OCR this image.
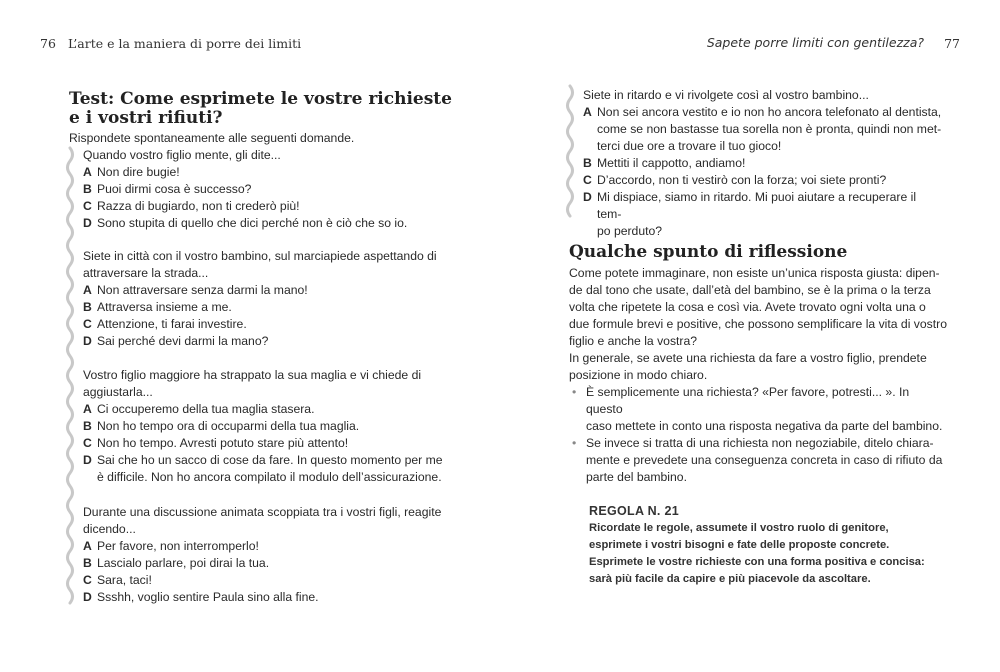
76 L’arte e la maniera di porre dei limiti	Sapete porre limiti con gentilezza? 77
Test: Come esprimete le vostre richieste
e i vostri rifiuti?
Rispondete spontaneamente alle seguenti domande.
Quando vostro figlio mente, gli dite...
A Non dire bugie!
B Puoi dirmi cosa è successo?
C Razza di bugiardo, non ti crederò più!
D Sono stupita di quello che dici perché non è ciò che so io.
Siete in città con il vostro bambino, sul marciapiede aspettando di
attraversare la strada...
A Non attraversare senza darmi la mano!
B Attraversa insieme a me.
C Attenzione, ti farai investire.
D Sai perché devi darmi la mano?
Vostro figlio maggiore ha strappato la sua maglia e vi chiede di
aggiustarla...
A Ci occuperemo della tua maglia stasera.
B Non ho tempo ora di occuparmi della tua maglia.
C Non ho tempo. Avresti potuto stare più attento!
D Sai che ho un sacco di cose da fare. In questo momento per me
è difficile. Non ho ancora compilato il modulo dell’assicurazione.
Durante una discussione animata scoppiata tra i vostri figli, reagite
dicendo...
A Per favore, non interromperlo!
B Lascialo parlare, poi dirai la tua.
C Sara, taci!
D Ssshh, voglio sentire Paula sino alla fine.
Siete in ritardo e vi rivolgete così al vostro bambino...
A Non sei ancora vestito e io non ho ancora telefonato al dentista,
come se non bastasse tua sorella non è pronta, quindi non met-
terci due ore a trovare il tuo gioco!
B Mettiti il cappotto, andiamo!
C D’accordo, non ti vestirò con la forza; voi siete pronti?
D Mi dispiace, siamo in ritardo. Mi puoi aiutare a recuperare il tem-
po perduto?
Qualche spunto di riflessione
Come potete immaginare, non esiste un’unica risposta giusta: dipen-
de dal tono che usate, dall’età del bambino, se è la prima o la terza
volta che ripetete la cosa e così via. Avete trovato ogni volta una o
due formule brevi e positive, che possono semplificare la vita di vostro
figlio e anche la vostra?
In generale, se avete una richiesta da fare a vostro figlio, prendete
posizione in modo chiaro.
• È semplicemente una richiesta? «Per favore, potresti... ». In questo
caso mettete in conto una risposta negativa da parte del bambino.
• Se invece si tratta di una richiesta non negoziabile, ditelo chiara-
mente e prevedete una conseguenza concreta in caso di rifiuto da
parte del bambino.
REGOLA N. 21
Ricordate le regole, assumete il vostro ruolo di genitore,
esprimete i vostri bisogni e fate delle proposte concrete.
Esprimete le vostre richieste con una forma positiva e concisa:
sarà più facile da capire e più piacevole da ascoltare.
